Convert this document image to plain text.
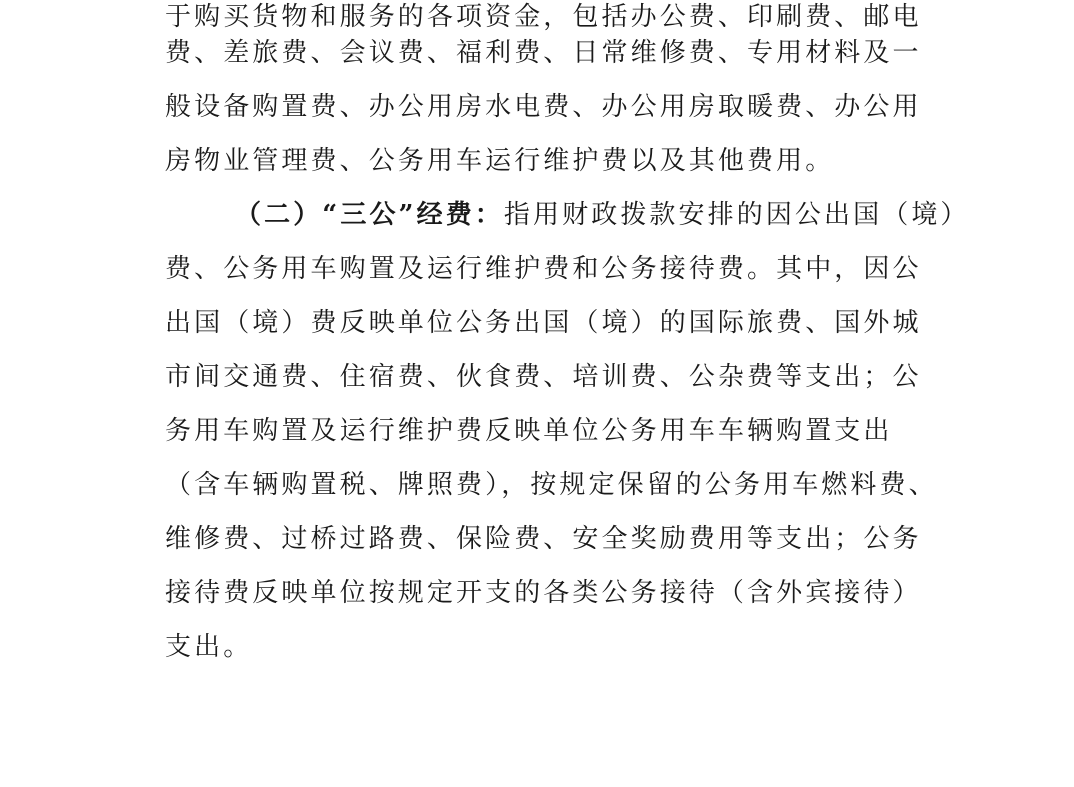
于购买货物和服务的各项资金，包括办公费、印刷费、邮电
费、差旅费、会议费、福利费、日常维修费、专用材料及一
般设备购置费、办公用房水电费、办公用房取暖费、办公用
房物业管理费、公务用车运行维护费以及其他费用。
（二）“三公”经费：指用财政拨款安排的因公出国（境）
费、公务用车购置及运行维护费和公务接待费。其中，因公
出国（境）费反映单位公务出国（境）的国际旅费、国外城
市间交通费、住宿费、伙食费、培训费、公杂费等支出；公
务用车购置及运行维护费反映单位公务用车车辆购置支出
（含车辆购置税、牌照费），按规定保留的公务用车燃料费、
维修费、过桥过路费、保险费、安全奖励费用等支出；公务
接待费反映单位按规定开支的各类公务接待（含外宾接待）
支出。
